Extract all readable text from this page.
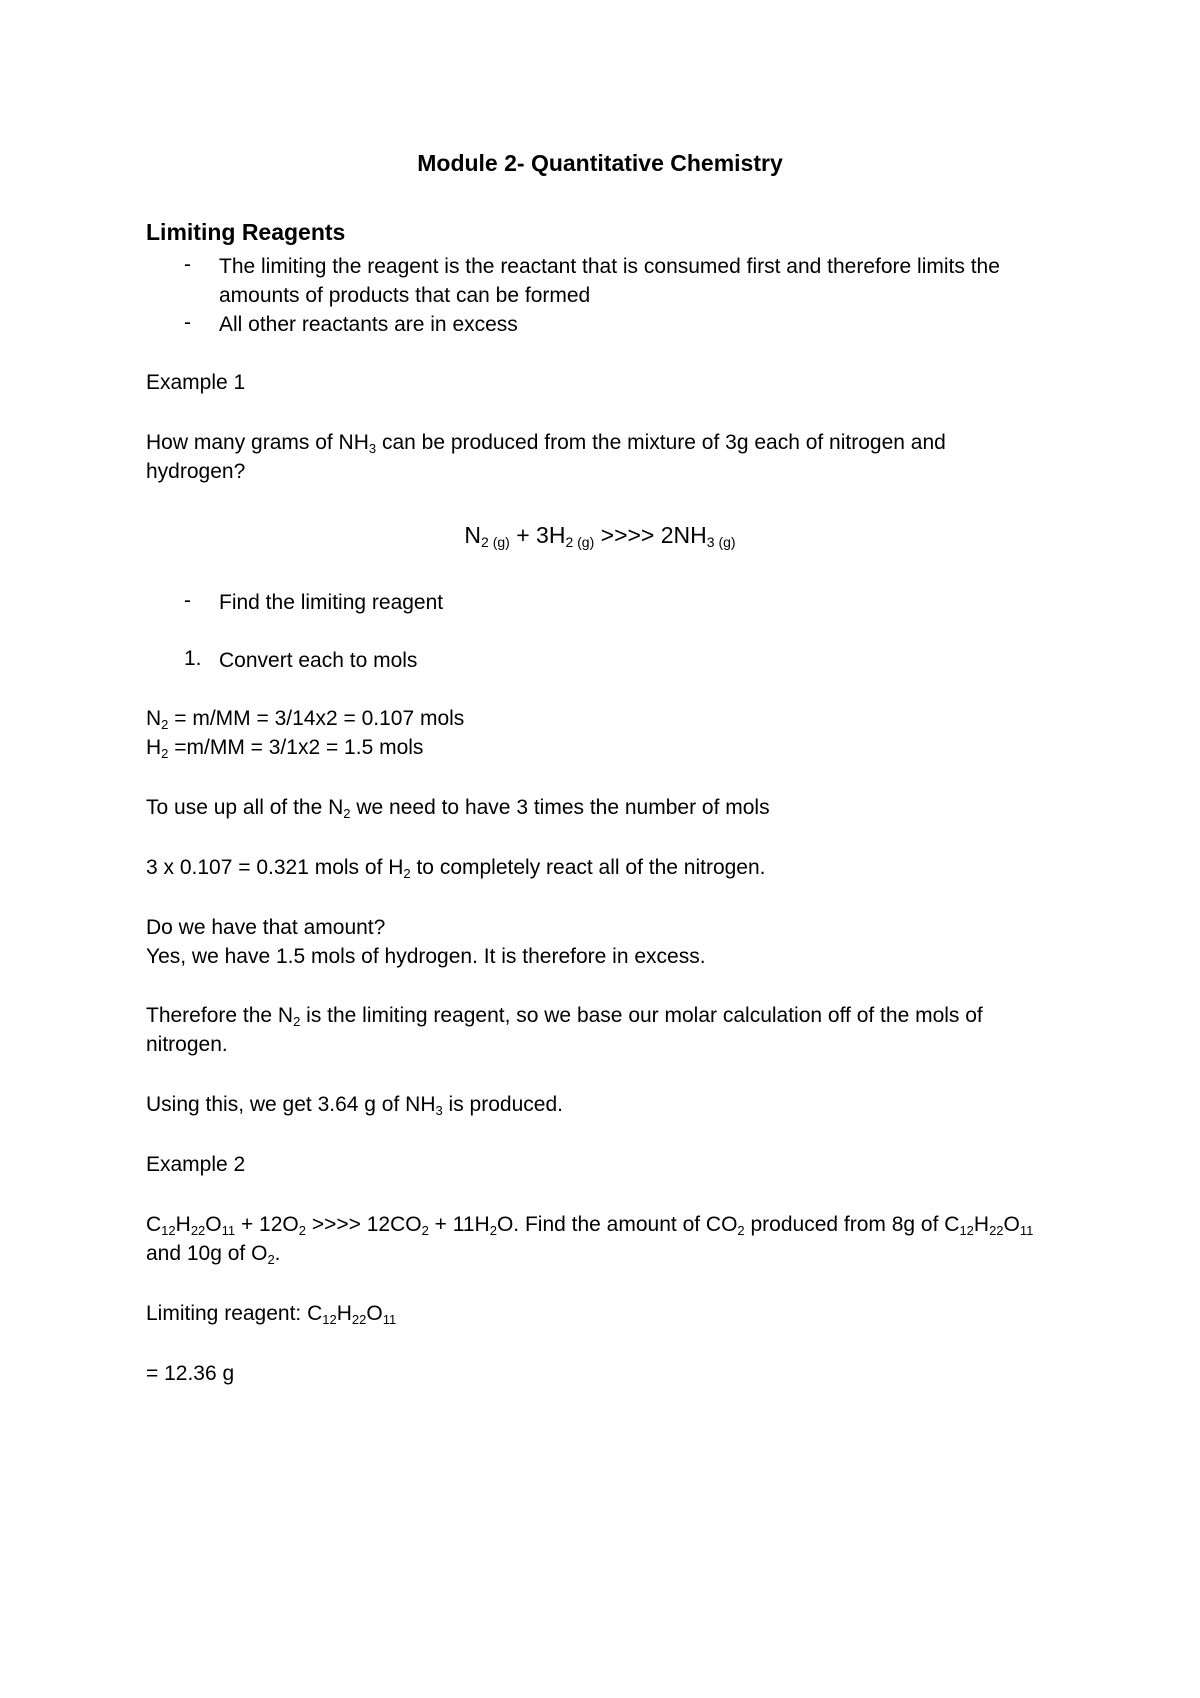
Module 2- Quantitative Chemistry
Limiting Reagents
- The limiting the reagent is the reactant that is consumed first and therefore limits the
amounts of products that can be formed
- All other reactants are in excess
Example 1
How many grams of $NH_3$ can be produced from the mixture of 3g each of nitrogen and
hydrogen?
$N_{2 (g)} + 3H_{2 (g)}$ >>>> $2NH_{3 (g)}$
- Find the limiting reagent
1. Convert each to mols
$N_2 = m/MM = 3/14x2 = 0.107$ mols
$H_2 =m/MM = 3/1x2 = 1.5$ mols
To use up all of the $N_2$ we need to have 3 times the number of mols
3 x 0.107 = 0.321 mols of $H_2$ to completely react all of the nitrogen.
Do we have that amount?
Yes, we have 1.5 mols of hydrogen. It is therefore in excess.
Therefore the $N_2$ is the limiting reagent, so we base our molar calculation off of the mols of
nitrogen.
Using this, we get 3.64 g of $NH_3$ is produced.
Example 2
$C_{12}H_{22}O_{11} + 12O_2$ >>>> $12CO_2 + 11H_2O$. Find the amount of $CO_2$ produced from 8g of $C_{12}H_{22}O_{11}$
and 10g of $O_2$.
Limiting reagent: $C_{12}H_{22}O_{11}$
= 12.36 g
